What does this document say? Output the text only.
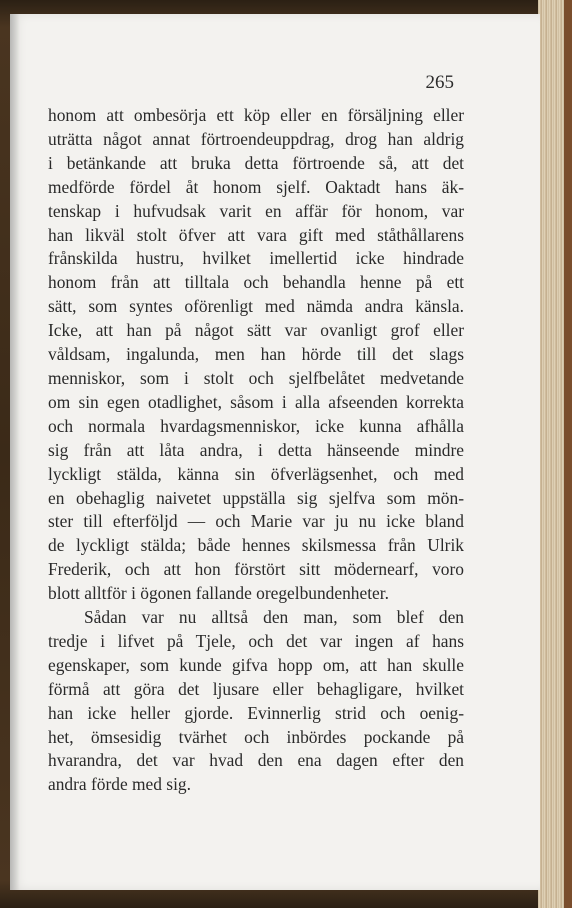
265
honom att ombesörja ett köp eller en försäljning eller
uträtta något annat förtroendeuppdrag, drog han aldrig
i betänkande att bruka detta förtroende så, att det
medförde fördel åt honom sjelf. Oaktadt hans äk-
tenskap i hufvudsak varit en affär för honom, var
han likväl stolt öfver att vara gift med ståthållarens
frånskilda hustru, hvilket imellertid icke hindrade
honom från att tilltala och behandla henne på ett
sätt, som syntes oförenligt med nämda andra känsla.
Icke, att han på något sätt var ovanligt grof eller
våldsam, ingalunda, men han hörde till det slags
menniskor, som i stolt och sjelfbelåtet medvetande
om sin egen otadlighet, såsom i alla afseenden korrekta
och normala hvardagsmenniskor, icke kunna afhålla
sig från att låta andra, i detta hänseende mindre
lyckligt stälda, känna sin öfverlägsenhet, och med
en obehaglig naivetet uppställa sig sjelfva som mön-
ster till efterföljd — och Marie var ju nu icke bland
de lyckligt stälda; både hennes skilsmessa från Ulrik
Frederik, och att hon förstört sitt mödernearf, voro
blott alltför i ögonen fallande oregelbundenheter.
Sådan var nu alltså den man, som blef den
tredje i lifvet på Tjele, och det var ingen af hans
egenskaper, som kunde gifva hopp om, att han skulle
förmå att göra det ljusare eller behagligare, hvilket
han icke heller gjorde. Evinnerlig strid och oenig-
het, ömsesidig tvärhet och inbördes pockande på
hvarandra, det var hvad den ena dagen efter den
andra förde med sig.
